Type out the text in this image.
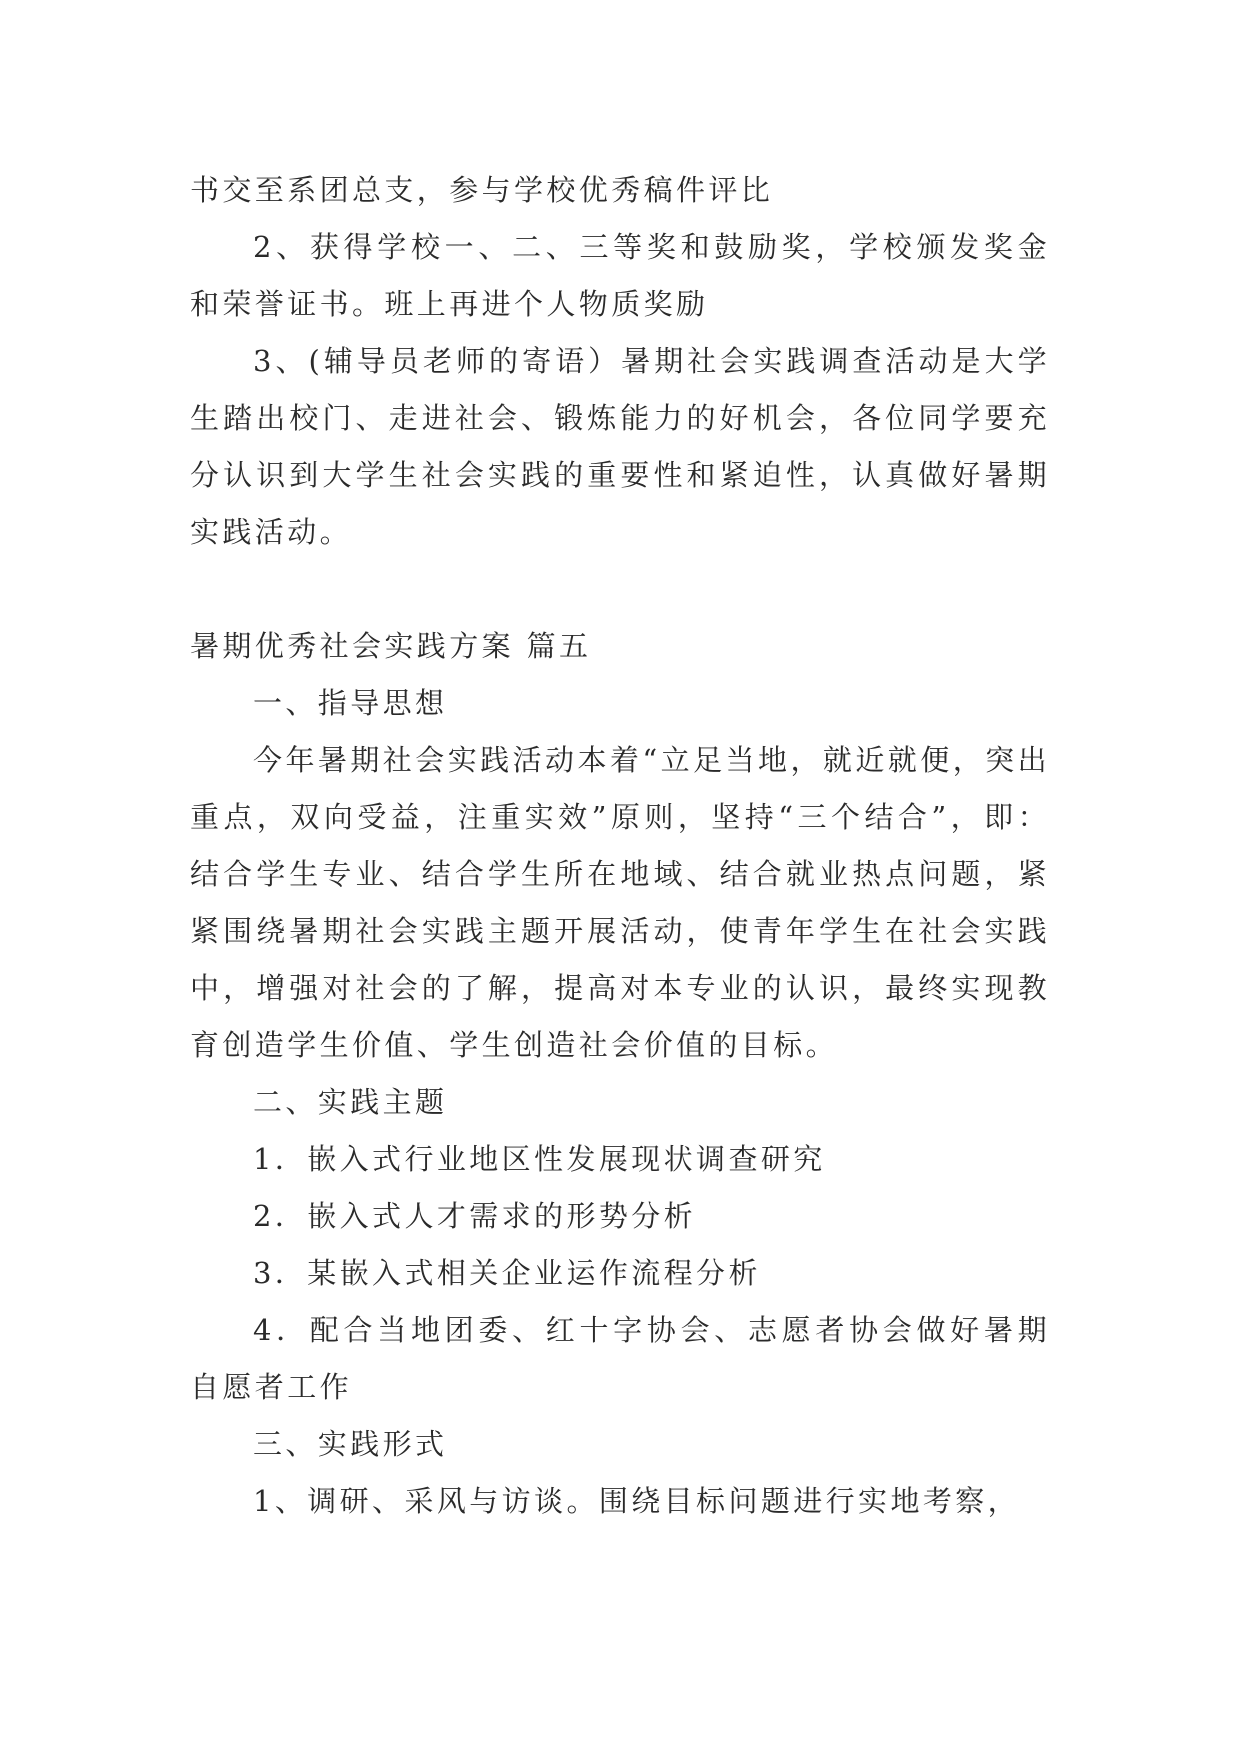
书交至系团总支，参与学校优秀稿件评比

2、获得学校一、二、三等奖和鼓励奖，学校颁发奖金和荣誉证书。班上再进个人物质奖励

3、(辅导员老师的寄语）暑期社会实践调查活动是大学生踏出校门、走进社会、锻炼能力的好机会，各位同学要充分认识到大学生社会实践的重要性和紧迫性，认真做好暑期实践活动。

暑期优秀社会实践方案 篇五

一、指导思想

今年暑期社会实践活动本着“立足当地，就近就便，突出重点，双向受益，注重实效”原则，坚持“三个结合”，即：结合学生专业、结合学生所在地域、结合就业热点问题，紧紧围绕暑期社会实践主题开展活动，使青年学生在社会实践中，增强对社会的了解，提高对本专业的认识，最终实现教育创造学生价值、学生创造社会价值的目标。

二、实践主题

1．嵌入式行业地区性发展现状调查研究

2．嵌入式人才需求的形势分析

3．某嵌入式相关企业运作流程分析

4．配合当地团委、红十字协会、志愿者协会做好暑期自愿者工作

三、实践形式

1、调研、采风与访谈。围绕目标问题进行实地考察，
